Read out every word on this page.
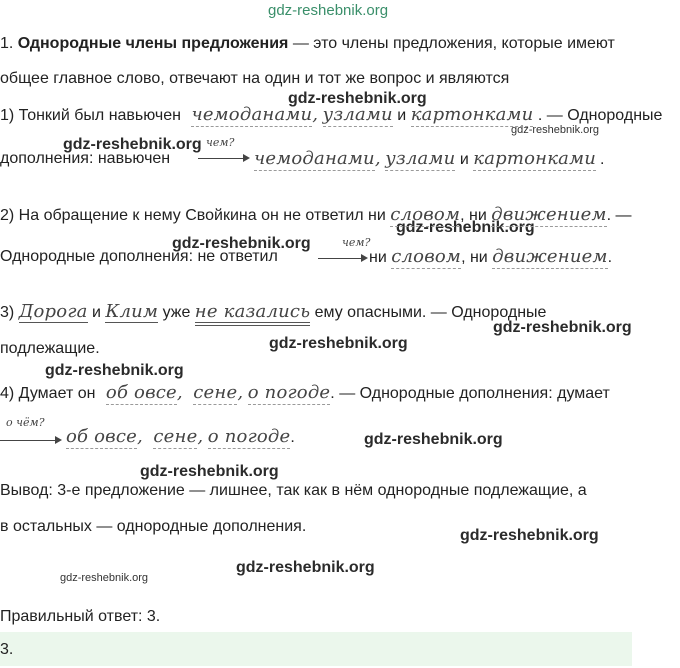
gdz-reshebnik.org
gdz-reshebnik.org
gdz-reshebnik.org
gdz-reshebnik.org
gdz-reshebnik.org
gdz-reshebnik.org
gdz-reshebnik.org
gdz-reshebnik.org
gdz-reshebnik.org
gdz-reshebnik.org
gdz-reshebnik.org
gdz-reshebnik.org
gdz-reshebnik.org
gdz-reshebnik.org
1. Однородные члены предложения — это члены предложения, которые имеют
общее главное слово, отвечают на один и тот же вопрос и являются
1) Тонкий был навьючен чемоданами, узлами и картонками . — Однородные
дополнения: навьючен
чем?
чемоданами, узлами и картонками .
2) На обращение к нему Свойкина он не ответил ни словом, ни движением. —
Однородные дополнения: не ответил
чем?
ни словом, ни движением.
3) Дорога и Клим уже не казались ему опасными. — Однородные
подлежащие.
4) Думает он об овсе, сене, о погоде. — Однородные дополнения: думает
о чём?
об овсе, сене, о погоде.
Вывод: 3-е предложение — лишнее, так как в нём однородные подлежащие, а
в остальных — однородные дополнения.
Правильный ответ: 3.
3.
